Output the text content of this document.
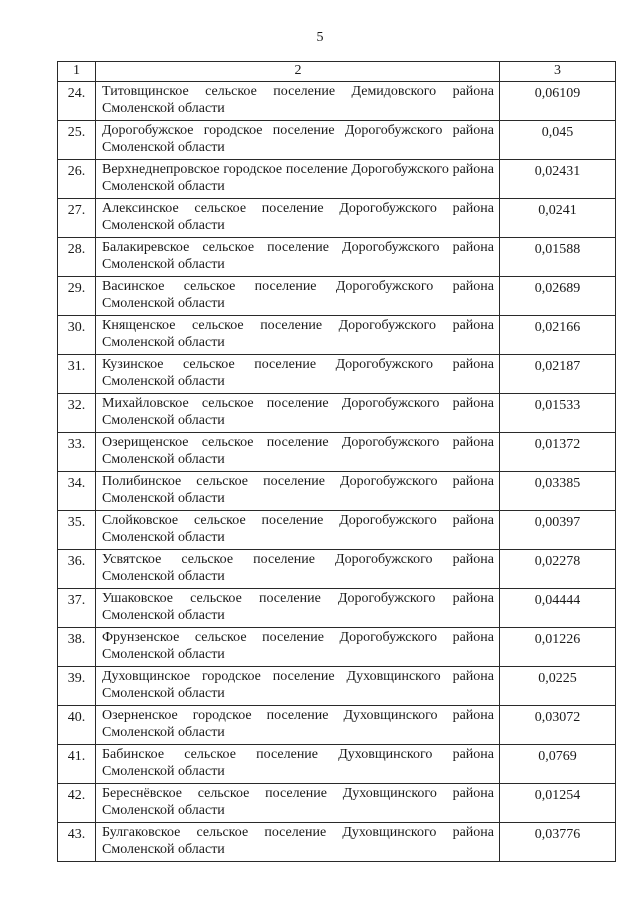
5
1	2	3
24.	Титовщинское сельское поселение Демидовского района Смоленской области	0,06109
25.	Дорогобужское городское поселение Дорогобужского района Смоленской области	0,045
26.	Верхнеднепровское городское поселение Дорогобужского района Смоленской области	0,02431
27.	Алексинское сельское поселение Дорогобужского района Смоленской области	0,0241
28.	Балакиревское сельское поселение Дорогобужского района Смоленской области	0,01588
29.	Васинское сельское поселение Дорогобужского района Смоленской области	0,02689
30.	Кнященское сельское поселение Дорогобужского района Смоленской области	0,02166
31.	Кузинское сельское поселение Дорогобужского района Смоленской области	0,02187
32.	Михайловское сельское поселение Дорогобужского района Смоленской области	0,01533
33.	Озерищенское сельское поселение Дорогобужского района Смоленской области	0,01372
34.	Полибинское сельское поселение Дорогобужского района Смоленской области	0,03385
35.	Слойковское сельское поселение Дорогобужского района Смоленской области	0,00397
36.	Усвятское сельское поселение Дорогобужского района Смоленской области	0,02278
37.	Ушаковское сельское поселение Дорогобужского района Смоленской области	0,04444
38.	Фрунзенское сельское поселение Дорогобужского района Смоленской области	0,01226
39.	Духовщинское городское поселение Духовщинского района Смоленской области	0,0225
40.	Озерненское городское поселение Духовщинского района Смоленской области	0,03072
41.	Бабинское сельское поселение Духовщинского района Смоленской области	0,0769
42.	Береснёвское сельское поселение Духовщинского района Смоленской области	0,01254
43.	Булгаковское сельское поселение Духовщинского района Смоленской области	0,03776
